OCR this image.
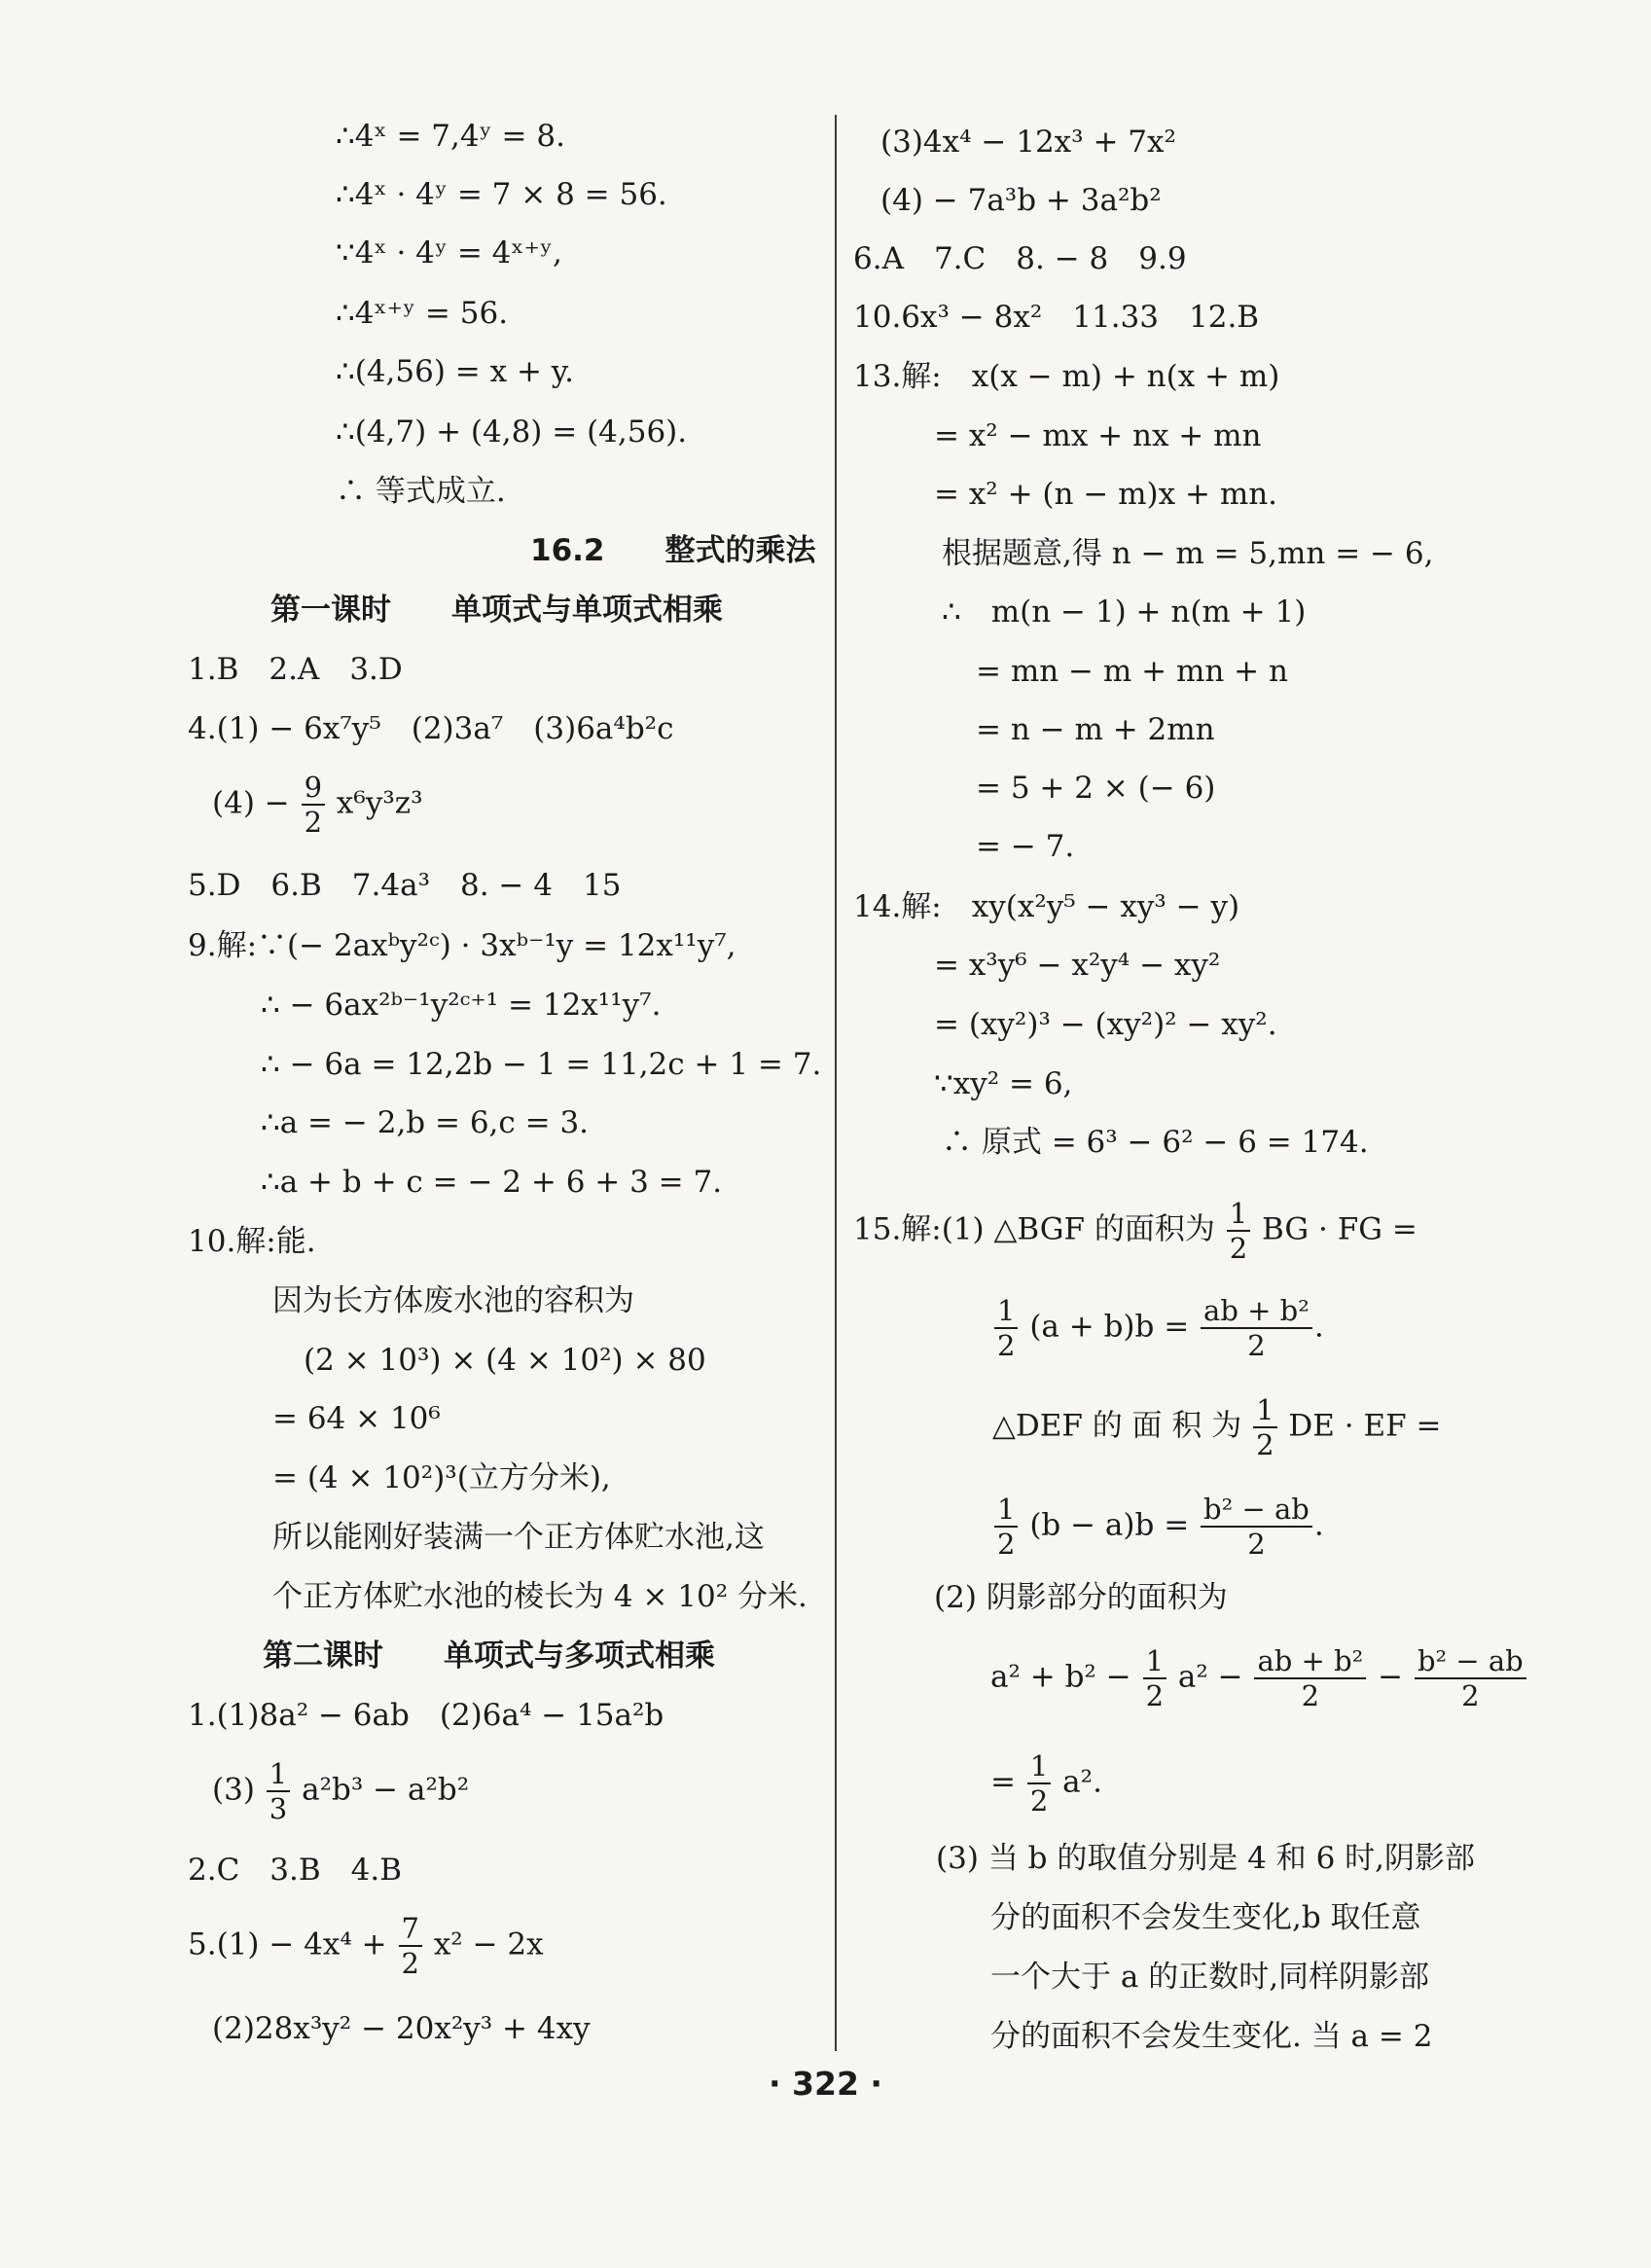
∴4ˣ = 7,4ʸ = 8.
∴4ˣ · 4ʸ = 7 × 8 = 56.
∵4ˣ · 4ʸ = 4ˣ⁺ʸ,
∴4ˣ⁺ʸ = 56.
∴(4,56) = x + y.
∴(4,7) + (4,8) = (4,56).
∴ 等式成立.
16.2　　整式的乘法
第一课时　　单项式与单项式相乘
1.B　2.A　3.D
4.(1) − 6x⁷y⁵　(2)3a⁷　(3)6a⁴b²c
$(4) - \frac{9}{2} x^6y^3z^3$
5.D　6.B　7.4a³　8. − 4　15
9.解:∵(− 2axᵇy²ᶜ) · 3xᵇ⁻¹y = 12x¹¹y⁷,
∴ − 6ax²ᵇ⁻¹y²ᶜ⁺¹ = 12x¹¹y⁷.
∴ − 6a = 12,2b − 1 = 11,2c + 1 = 7.
∴a = − 2,b = 6,c = 3.
∴a + b + c = − 2 + 6 + 3 = 7.
10.解:能.
因为长方体废水池的容积为
(2 × 10³) × (4 × 10²) × 80
= 64 × 10⁶
= (4 × 10²)³(立方分米),
所以能刚好装满一个正方体贮水池,这
个正方体贮水池的棱长为 4 × 10² 分米.
第二课时　　单项式与多项式相乘
1.(1)8a² − 6ab　(2)6a⁴ − 15a²b
$(3) \frac{1}{3} a^2b^3 - a^2b^2$
2.C　3.B　4.B
$5.(1) - 4x^4 + \frac{7}{2} x^2 - 2x$
(2)28x³y² − 20x²y³ + 4xy
(3)4x⁴ − 12x³ + 7x²
(4) − 7a³b + 3a²b²
6.A　7.C　8. − 8　9.9
10.6x³ − 8x²　11.33　12.B
13.解:　x(x − m) + n(x + m)
= x² − mx + nx + mn
= x² + (n − m)x + mn.
根据题意,得 n − m = 5,mn = − 6,
∴　m(n − 1) + n(m + 1)
= mn − m + mn + n
= n − m + 2mn
= 5 + 2 × (− 6)
= − 7.
14.解:　xy(x²y⁵ − xy³ − y)
= x³y⁶ − x²y⁴ − xy²
= (xy²)³ − (xy²)² − xy².
∵xy² = 6,
∴ 原式 = 6³ − 6² − 6 = 174.
15.解:(1) △BGF 的面积为 $\frac{1}{2}$ BG · FG =
$\frac{1}{2} (a + b)b = \frac{\text{ab + b²}}{2}$ .
△DEF 的 面 积 为 $\frac{1}{2}$ DE · EF =
$\frac{1}{2} (b - a)b = \frac{\text{b² − ab}}{2}$ .
(2) 阴影部分的面积为
$a^2 + b^2 - \frac{1}{2} a^2 - \frac{\text{ab + b²}}{2} - \frac{\text{b² − ab}}{2}$
= $\frac{1}{2} a^2$.
(3) 当 b 的取值分别是 4 和 6 时,阴影部
分的面积不会发生变化,b 取任意
一个大于 a 的正数时,同样阴影部
分的面积不会发生变化. 当 a = 2
· 322 ·
